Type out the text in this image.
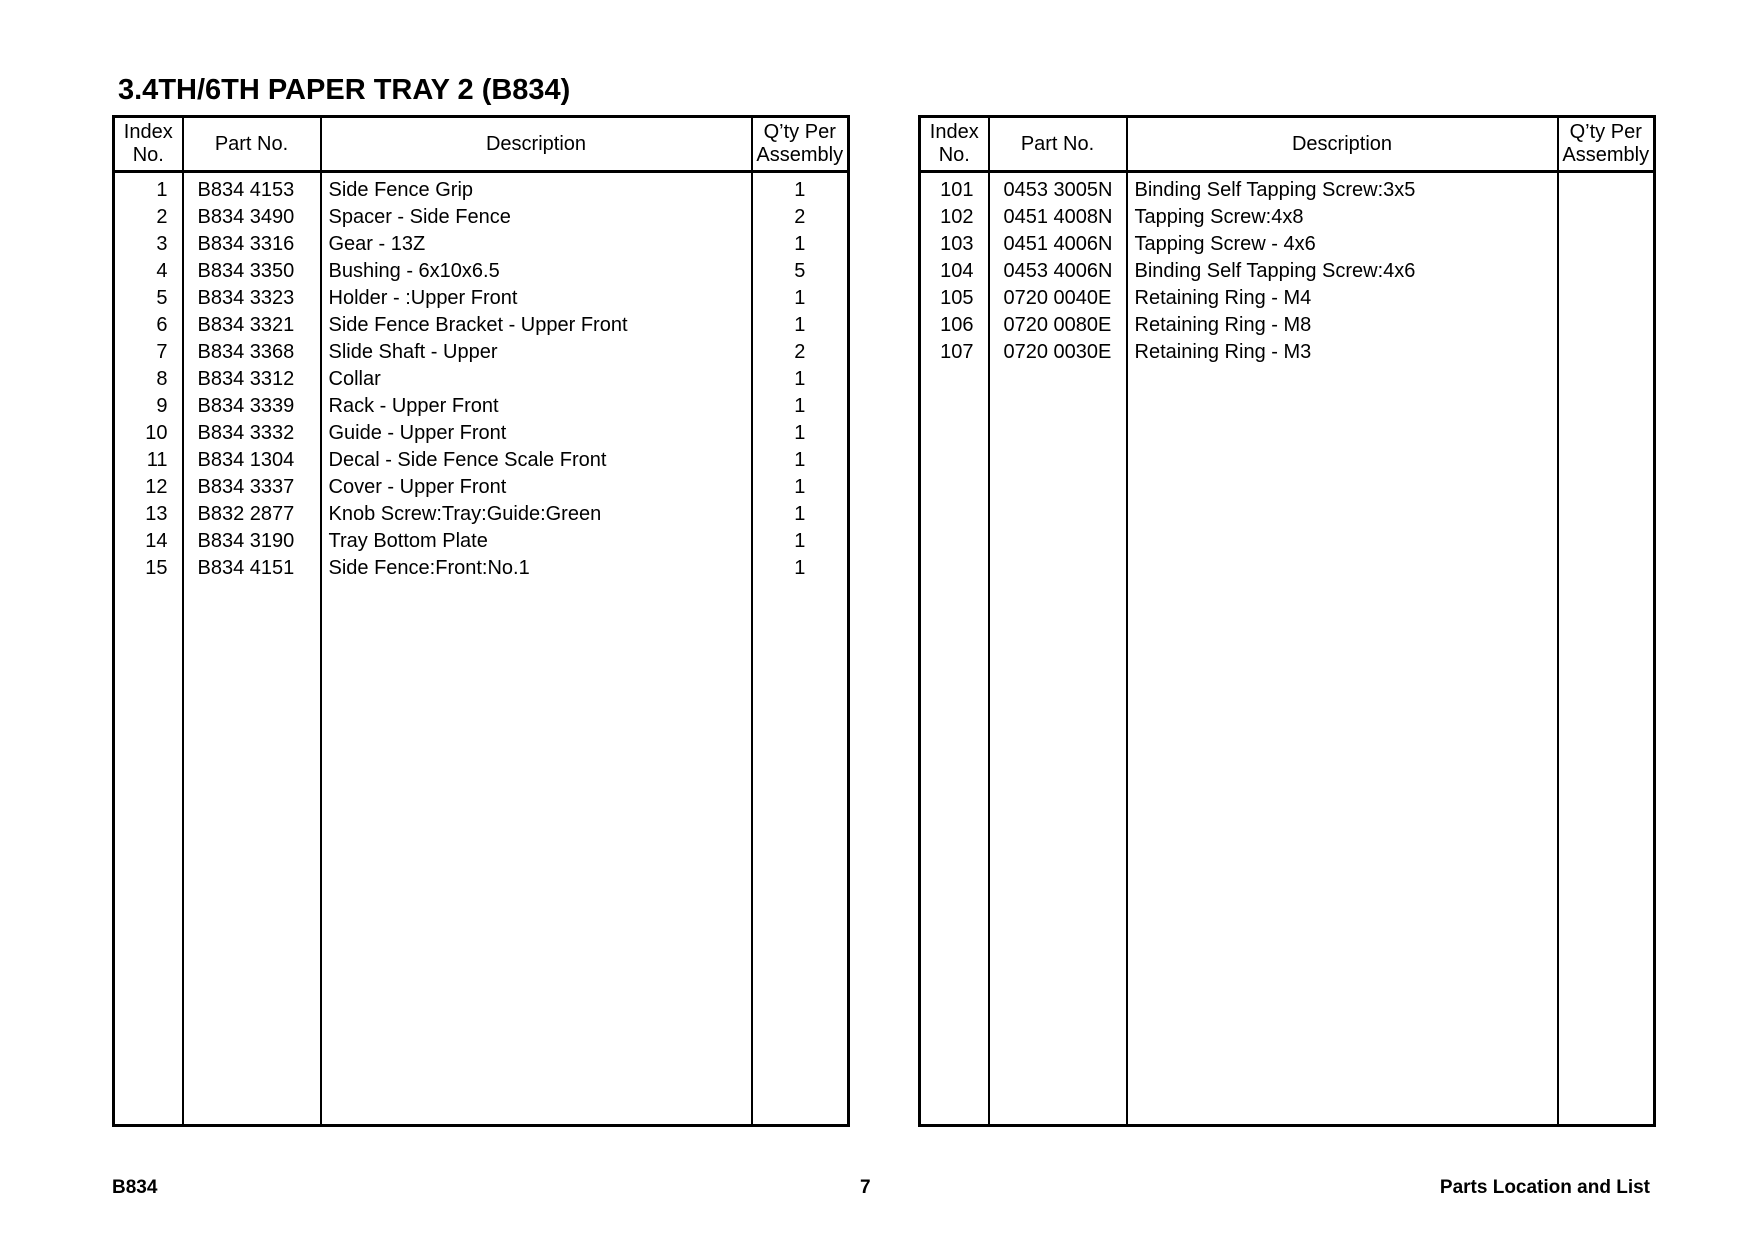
3.4TH/6TH PAPER TRAY 2 (B834)
Index
No.	Part No.	Description	Q’ty Per
Assembly
1	B834 4153	Side Fence Grip	1
2	B834 3490	Spacer - Side Fence	2
3	B834 3316	Gear - 13Z	1
4	B834 3350	Bushing - 6x10x6.5	5
5	B834 3323	Holder - :Upper Front	1
6	B834 3321	Side Fence Bracket - Upper Front	1
7	B834 3368	Slide Shaft - Upper	2
8	B834 3312	Collar	1
9	B834 3339	Rack - Upper Front	1
10	B834 3332	Guide - Upper Front	1
11	B834 1304	Decal - Side Fence Scale Front	1
12	B834 3337	Cover - Upper Front	1
13	B832 2877	Knob Screw:Tray:Guide:Green	1
14	B834 3190	Tray Bottom Plate	1
15	B834 4151	Side Fence:Front:No.1	1

Index
No.	Part No.	Description	Q’ty Per
Assembly
101	0453 3005N	Binding Self Tapping Screw:3x5	
102	0451 4008N	Tapping Screw:4x8	
103	0451 4006N	Tapping Screw - 4x6	
104	0453 4006N	Binding Self Tapping Screw:4x6	
105	0720 0040E	Retaining Ring - M4	
106	0720 0080E	Retaining Ring - M8	
107	0720 0030E	Retaining Ring - M3	

B834	7	Parts Location and List
